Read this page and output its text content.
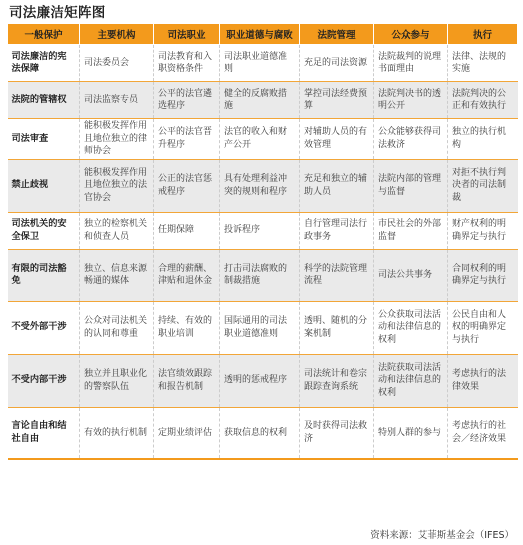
司法廉洁矩阵图
一般保护	主要机构	司法职业	职业道德与腐败	法院管理	公众参与	执行
司法廉洁的宪法保障	司法委员会	司法教育和入职资格条件	司法职业道德准则	充足的司法资源	法院裁判的说理书面理由	法律、法规的实施
法院的管辖权	司法监察专员	公平的法官遴选程序	健全的反腐败措施	掌控司法经费预算	法院判决书的透明公开	法院判决的公正和有效执行
司法审查	能积极发挥作用且地位独立的律师协会	公平的法官晋升程序	法官的收入和财产公开	对辅助人员的有效管理	公众能够获得司法救济	独立的执行机构
禁止歧视	能积极发挥作用且地位独立的法官协会	公正的法官惩戒程序	具有处理利益冲突的规则和程序	充足和独立的辅助人员	法院内部的管理与监督	对拒不执行判决者的司法制裁
司法机关的安全保卫	独立的检察机关和侦查人员	任期保障	投诉程序	自行管理司法行政事务	市民社会的外部监督	财产权利的明确界定与执行
有限的司法豁免	独立、信息来源畅通的媒体	合理的薪酬、津贴和退休金	打击司法腐败的制裁措施	科学的法院管理流程	司法公共事务	合同权利的明确界定与执行
不受外部干涉	公众对司法机关的认同和尊重	持续、有效的职业培训	国际通用的司法职业道德准则	透明、随机的分案机制	公众获取司法活动和法律信息的权利	公民自由和人权的明确界定与执行
不受内部干涉	独立并且职业化的警察队伍	法官绩效跟踪和报告机制	透明的惩戒程序	司法统计和卷宗跟踪查询系统	法院获取司法活动和法律信息的权利	考虑执行的法律效果
言论自由和结社自由	有效的执行机制	定期业绩评估	获取信息的权利	及时获得司法救济	特别人群的参与	考虑执行的社会／经济效果
资料来源：艾菲斯基金会（IFES）
